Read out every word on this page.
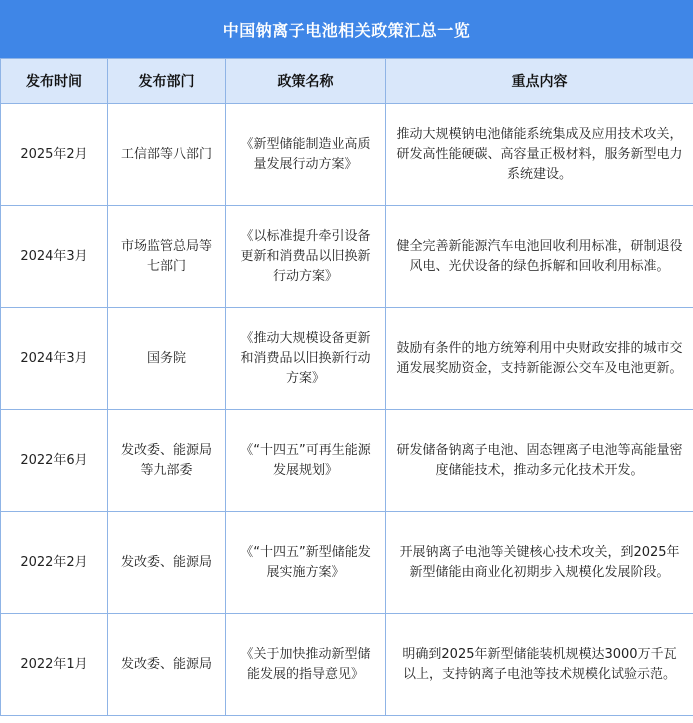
中国钠离子电池相关政策汇总一览
发布时间	发布部门	政策名称	重点内容
2025年2月	工信部等八部门	《新型储能制造业高质量发展行动方案》	推动大规模钠电池储能系统集成及应用技术攻关，研发高性能硬碳、高容量正极材料，服务新型电力系统建设。
2024年3月	市场监管总局等七部门	《以标准提升牵引设备更新和消费品以旧换新行动方案》	健全完善新能源汽车电池回收利用标准，研制退役风电、光伏设备的绿色拆解和回收利用标准。
2024年3月	国务院	《推动大规模设备更新和消费品以旧换新行动方案》	鼓励有条件的地方统筹利用中央财政安排的城市交通发展奖励资金，支持新能源公交车及电池更新。
2022年6月	发改委、能源局等九部委	《“十四五”可再生能源发展规划》	研发储备钠离子电池、固态锂离子电池等高能量密度储能技术，推动多元化技术开发。
2022年2月	发改委、能源局	《“十四五”新型储能发展实施方案》	开展钠离子电池等关键核心技术攻关，到2025年新型储能由商业化初期步入规模化发展阶段。
2022年1月	发改委、能源局	《关于加快推动新型储能发展的指导意见》	明确到2025年新型储能装机规模达3000万千瓦以上，支持钠离子电池等技术规模化试验示范。
